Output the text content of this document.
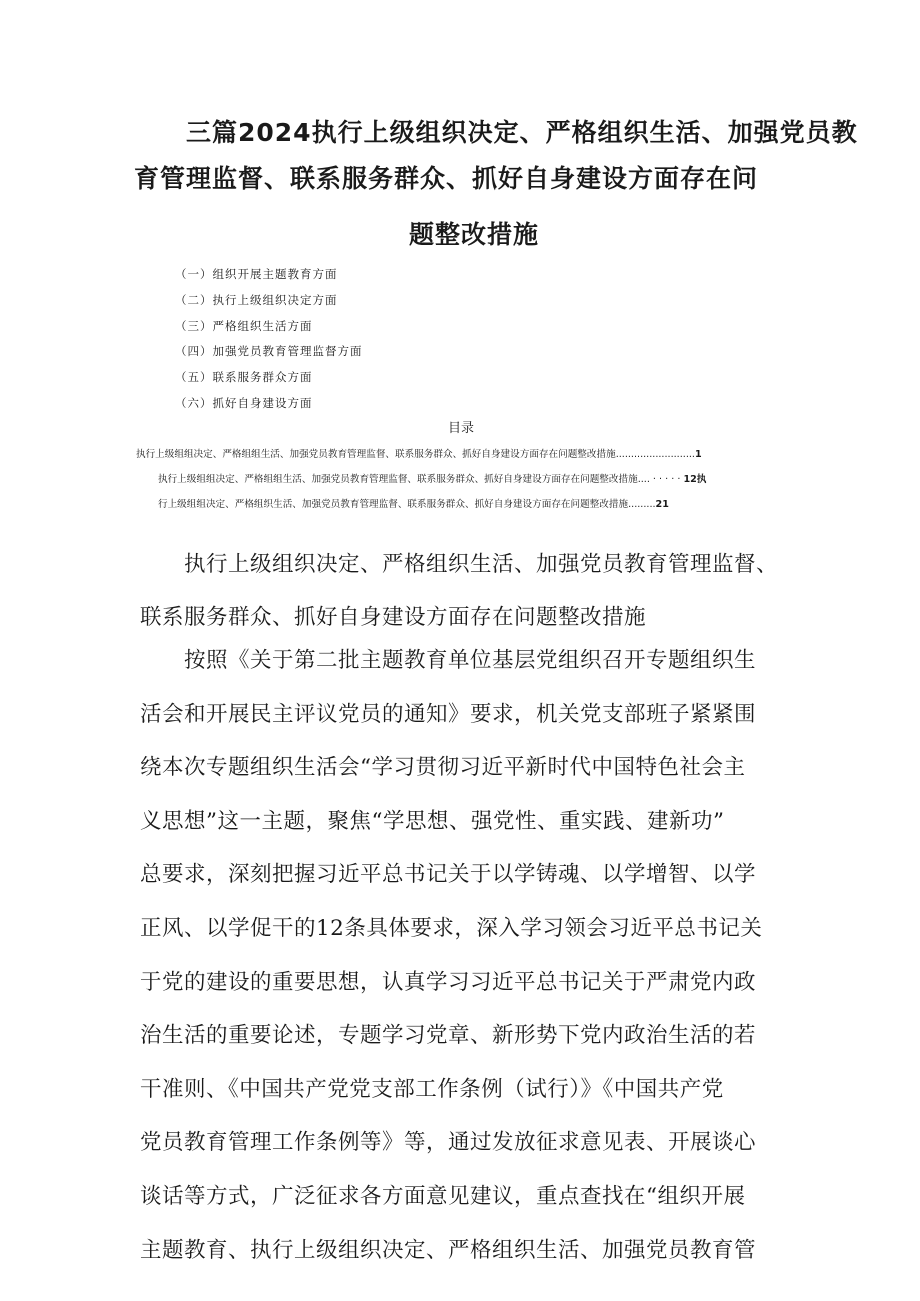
三篇2024执行上级组织决定、严格组织生活、加强党员教
育管理监督、联系服务群众、抓好自身建设方面存在问
题整改措施
（一）组织开展主题教育方面
（二）执行上级组织决定方面
（三）严格组织生活方面
（四）加强党员教育管理监督方面
（五）联系服务群众方面
（六）抓好自身建设方面
目录
执行上级组组决定、严格组组生活、加强党员教育管理监督、联系服务群众、抓好自身建设方面存在问题整改措施..........................1
执行上级组组决定、严格组组生活、加强党员教育管理监督、联系服务群众、抓好自身建设方面存在问题整改措施.... · · · · · 12执
行上级组组决定、严格组织生活、加强党员教育管理监督、联系服务群众、抓好自身建设方面存在问题整改措施.........21
执行上级组织决定、严格组织生活、加强党员教育管理监督、
联系服务群众、抓好自身建设方面存在问题整改措施
按照《关于第二批主题教育单位基层党组织召开专题组织生
活会和开展民主评议党员的通知》要求，机关党支部班子紧紧围
绕本次专题组织生活会“学习贯彻习近平新时代中国特色社会主
义思想”这一主题，聚焦“学思想、强党性、重实践、建新功”
总要求，深刻把握习近平总书记关于以学铸魂、以学增智、以学
正风、以学促干的12条具体要求，深入学习领会习近平总书记关
于党的建设的重要思想，认真学习习近平总书记关于严肃党内政
治生活的重要论述，专题学习党章、新形势下党内政治生活的若
干准则、《中国共产党党支部工作条例（试行）》《中国共产党
党员教育管理工作条例等》等，通过发放征求意见表、开展谈心
谈话等方式，广泛征求各方面意见建议，重点查找在“组织开展
主题教育、执行上级组织决定、严格组织生活、加强党员教育管
